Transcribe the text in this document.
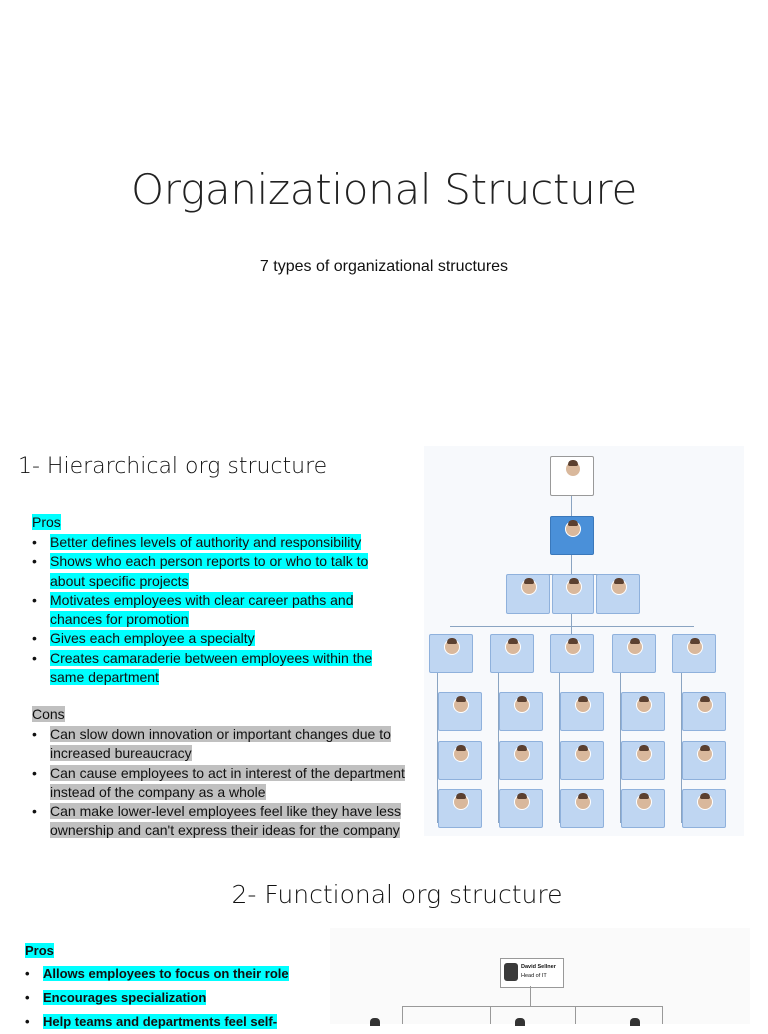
Organizational Structure
7 types of organizational structures
1- Hierarchical org structure
Pros
• Better defines levels of authority and responsibility
• Shows who each person reports to or who to talk to about specific projects
• Motivates employees with clear career paths and chances for promotion
• Gives each employee a specialty
• Creates camaraderie between employees within the same department
Cons
• Can slow down innovation or important changes due to increased bureaucracy
• Can cause employees to act in interest of the department instead of the company as a whole
• Can make lower-level employees feel like they have less ownership and can't express their ideas for the company
2- Functional org structure
Pros
• Allows employees to focus on their role
• Encourages specialization
• Help teams and departments feel self-
David Sellner
Head of IT
